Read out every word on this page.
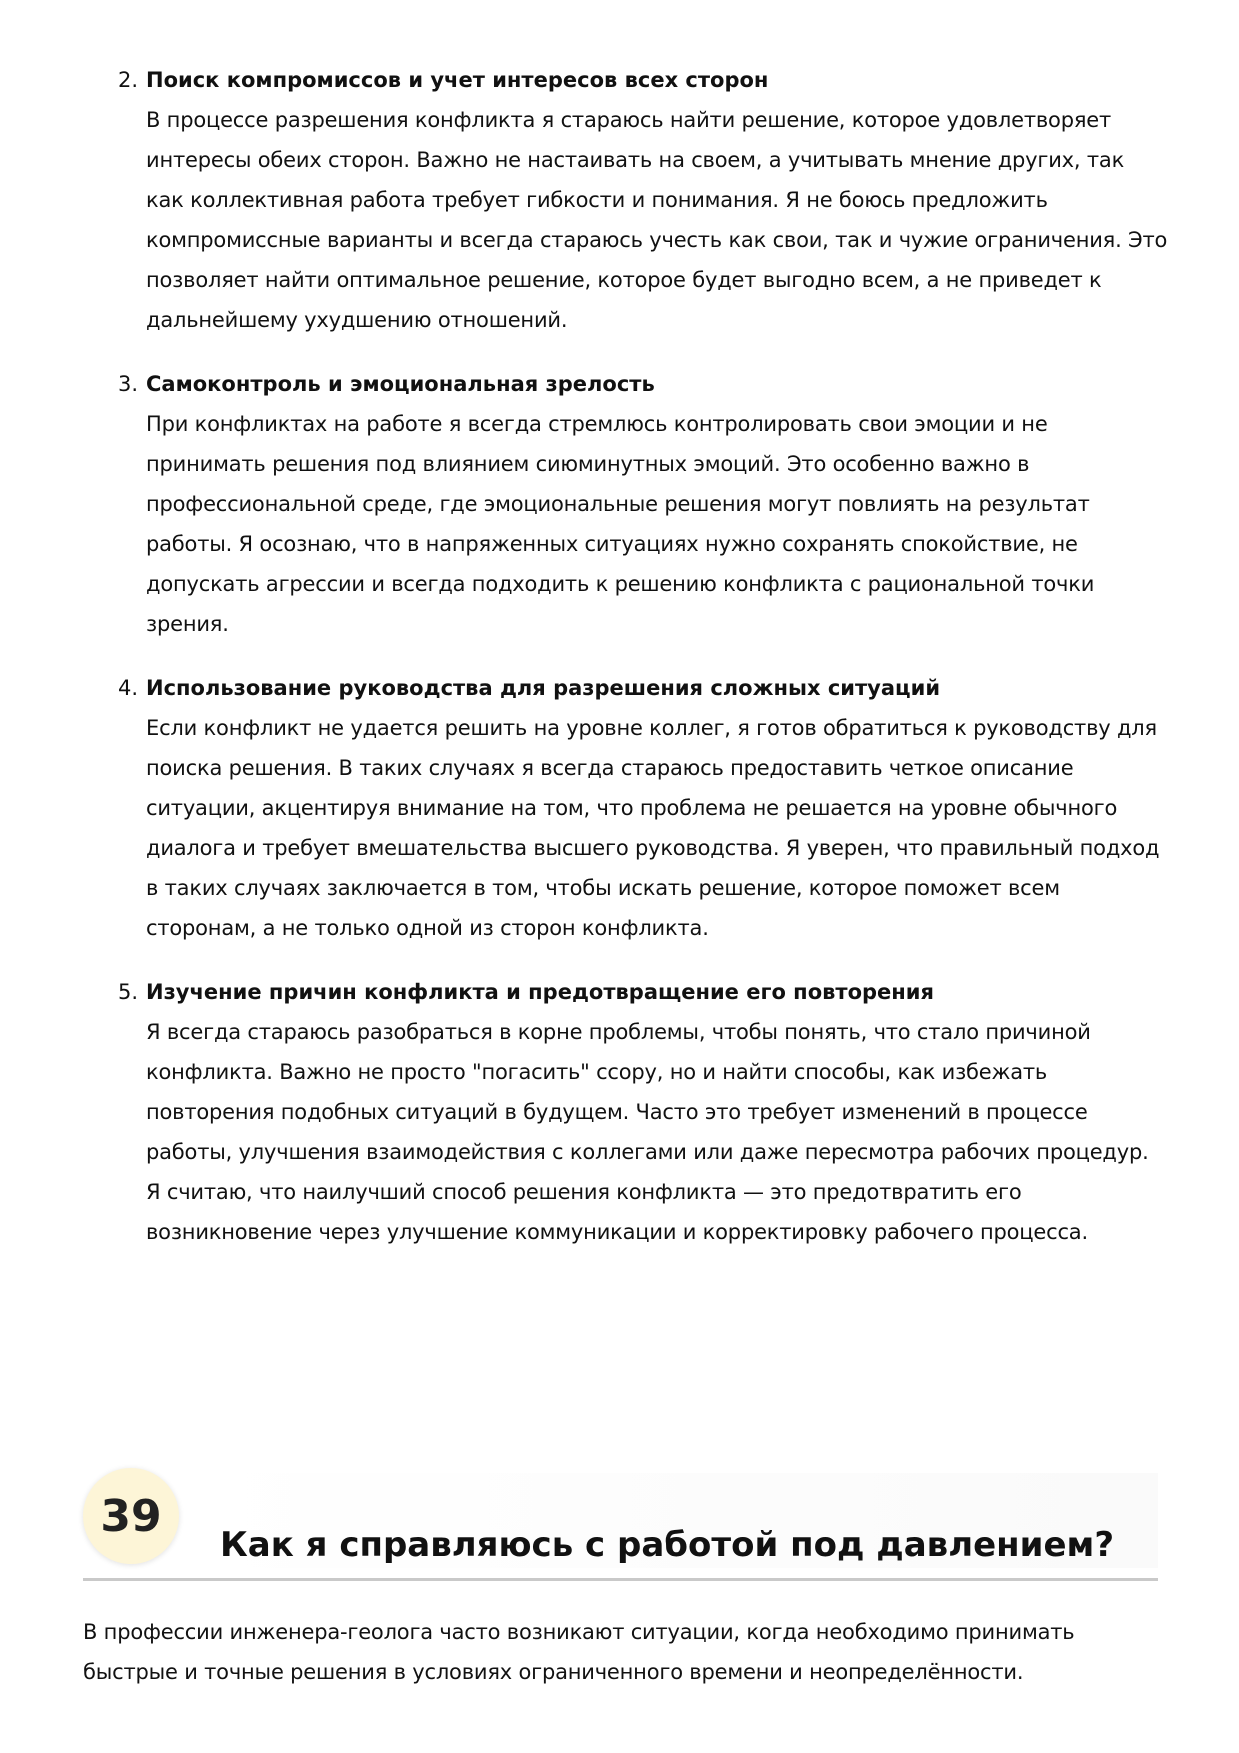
2. Поиск компромиссов и учет интересов всех сторон
В процессе разрешения конфликта я стараюсь найти решение, которое удовлетворяет интересы обеих сторон. Важно не настаивать на своем, а учитывать мнение других, так как коллективная работа требует гибкости и понимания. Я не боюсь предложить компромиссные варианты и всегда стараюсь учесть как свои, так и чужие ограничения. Это позволяет найти оптимальное решение, которое будет выгодно всем, а не приведет к дальнейшему ухудшению отношений.
3. Самоконтроль и эмоциональная зрелость
При конфликтах на работе я всегда стремлюсь контролировать свои эмоции и не принимать решения под влиянием сиюминутных эмоций. Это особенно важно в профессиональной среде, где эмоциональные решения могут повлиять на результат работы. Я осознаю, что в напряженных ситуациях нужно сохранять спокойствие, не допускать агрессии и всегда подходить к решению конфликта с рациональной точки зрения.
4. Использование руководства для разрешения сложных ситуаций
Если конфликт не удается решить на уровне коллег, я готов обратиться к руководству для поиска решения. В таких случаях я всегда стараюсь предоставить четкое описание ситуации, акцентируя внимание на том, что проблема не решается на уровне обычного диалога и требует вмешательства высшего руководства. Я уверен, что правильный подход в таких случаях заключается в том, чтобы искать решение, которое поможет всем сторонам, а не только одной из сторон конфликта.
5. Изучение причин конфликта и предотвращение его повторения
Я всегда стараюсь разобраться в корне проблемы, чтобы понять, что стало причиной конфликта. Важно не просто "погасить" ссору, но и найти способы, как избежать повторения подобных ситуаций в будущем. Часто это требует изменений в процессе работы, улучшения взаимодействия с коллегами или даже пересмотра рабочих процедур. Я считаю, что наилучший способ решения конфликта — это предотвратить его возникновение через улучшение коммуникации и корректировку рабочего процесса.
39
Как я справляюсь с работой под давлением?

В профессии инженера-геолога часто возникают ситуации, когда необходимо принимать быстрые и точные решения в условиях ограниченного времени и неопределённости.
